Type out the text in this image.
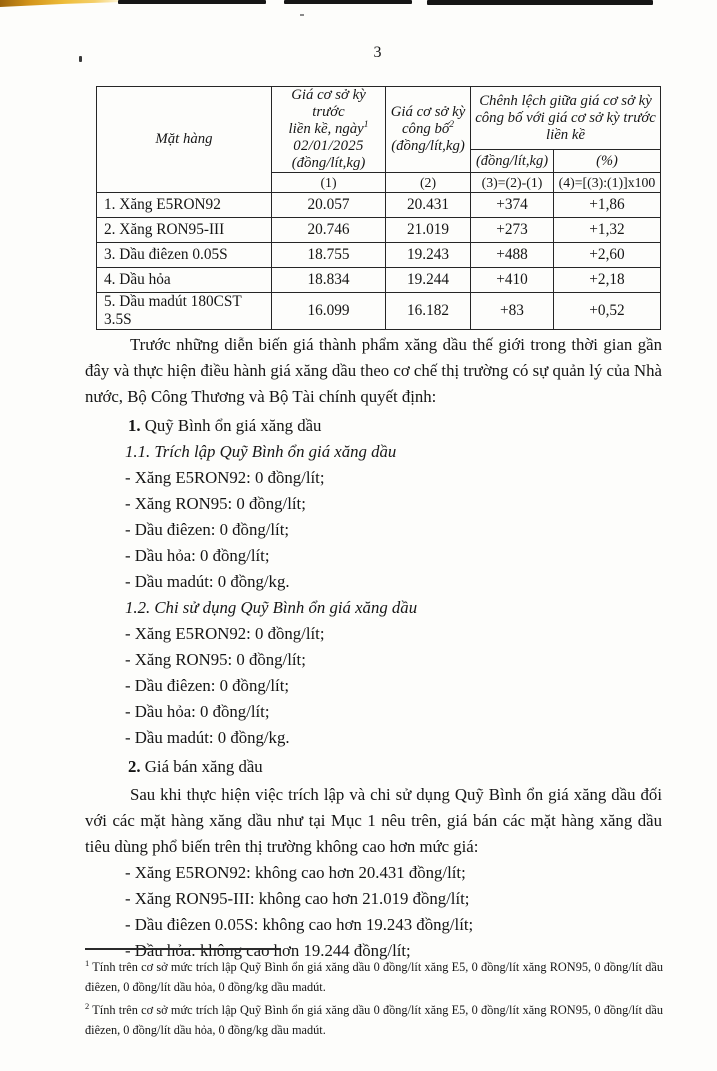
3
Mặt hàng	Giá cơ sở kỳ trước
liền kề, ngày$^1$
02/01/2025
(đồng/lít,kg)	Giá cơ sở kỳ
công bố$^2$
(đồng/lít,kg)	Chênh lệch giữa giá cơ sở kỳ công bố với giá cơ sở kỳ trước liền kề	
			(đồng/lít,kg)	(%)
	(1)	(2)	(3)=(2)-(1)	(4)=[(3):(1)]x100
1. Xăng E5RON92	20.057	20.431	+374	+1,86
2. Xăng RON95-III	20.746	21.019	+273	+1,32
3. Dầu điêzen 0.05S	18.755	19.243	+488	+2,60
4. Dầu hỏa	18.834	19.244	+410	+2,18
5. Dầu madút 180CST 3.5S	16.099	16.182	+83	+0,52

Trước những diễn biến giá thành phẩm xăng dầu thế giới trong thời gian gần đây và thực hiện điều hành giá xăng dầu theo cơ chế thị trường có sự quản lý của Nhà nước, Bộ Công Thương và Bộ Tài chính quyết định:

1. Quỹ Bình ổn giá xăng dầu
1.1. Trích lập Quỹ Bình ổn giá xăng dầu
- Xăng E5RON92: 0 đồng/lít;
- Xăng RON95: 0 đồng/lít;
- Dầu điêzen: 0 đồng/lít;
- Dầu hỏa: 0 đồng/lít;
- Dầu madút: 0 đồng/kg.
1.2. Chi sử dụng Quỹ Bình ổn giá xăng dầu
- Xăng E5RON92: 0 đồng/lít;
- Xăng RON95: 0 đồng/lít;
- Dầu điêzen: 0 đồng/lít;
- Dầu hỏa: 0 đồng/lít;
- Dầu madút: 0 đồng/kg.
2. Giá bán xăng dầu

Sau khi thực hiện việc trích lập và chi sử dụng Quỹ Bình ổn giá xăng dầu đối với các mặt hàng xăng dầu như tại Mục 1 nêu trên, giá bán các mặt hàng xăng dầu tiêu dùng phổ biến trên thị trường không cao hơn mức giá:

- Xăng E5RON92: không cao hơn 20.431 đồng/lít;
- Xăng RON95-III: không cao hơn 21.019 đồng/lít;
- Dầu điêzen 0.05S: không cao hơn 19.243 đồng/lít;
- Dầu hỏa: không cao hơn 19.244 đồng/lít;
$^1$ Tính trên cơ sở mức trích lập Quỹ Bình ổn giá xăng dầu 0 đồng/lít xăng E5, 0 đồng/lít xăng RON95, 0 đồng/lít dầu điêzen, 0 đồng/lít dầu hỏa, 0 đồng/kg dầu madút.
$^2$ Tính trên cơ sở mức trích lập Quỹ Bình ổn giá xăng dầu 0 đồng/lít xăng E5, 0 đồng/lít xăng RON95, 0 đồng/lít dầu điêzen, 0 đồng/lít dầu hỏa, 0 đồng/kg dầu madút.
